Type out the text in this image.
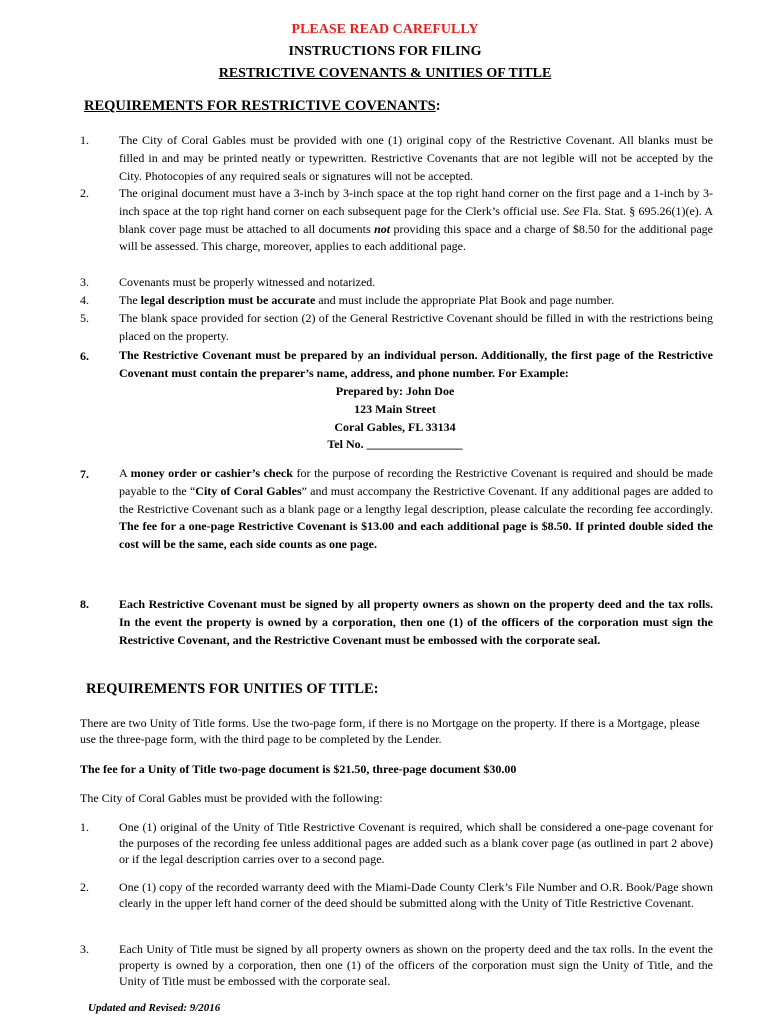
PLEASE READ CAREFULLY
INSTRUCTIONS FOR FILING
RESTRICTIVE COVENANTS & UNITIES OF TITLE
REQUIREMENTS FOR RESTRICTIVE COVENANTS:
1.	The City of Coral Gables must be provided with one (1) original copy of the Restrictive Covenant. All blanks must be filled in and may be printed neatly or typewritten. Restrictive Covenants that are not legible will not be accepted by the City. Photocopies of any required seals or signatures will not be accepted.
2.	The original document must have a 3-inch by 3-inch space at the top right hand corner on the first page and a 1-inch by 3-inch space at the top right hand corner on each subsequent page for the Clerk’s official use. See Fla. Stat. § 695.26(1)(e). A blank cover page must be attached to all documents not providing this space and a charge of $8.50 for the additional page will be assessed. This charge, moreover, applies to each additional page.
3.	Covenants must be properly witnessed and notarized.
4.	The legal description must be accurate and must include the appropriate Plat Book and page number.
5.	The blank space provided for section (2) of the General Restrictive Covenant should be filled in with the restrictions being placed on the property.
6.	The Restrictive Covenant must be prepared by an individual person. Additionally, the first page of the Restrictive Covenant must contain the preparer’s name, address, and phone number. For Example:
Prepared by: John Doe
123 Main Street
Coral Gables, FL 33134
Tel No. ________________
7.	A money order or cashier’s check for the purpose of recording the Restrictive Covenant is required and should be made payable to the “City of Coral Gables” and must accompany the Restrictive Covenant. If any additional pages are added to the Restrictive Covenant such as a blank page or a lengthy legal description, please calculate the recording fee accordingly. The fee for a one-page Restrictive Covenant is $13.00 and each additional page is $8.50. If printed double sided the cost will be the same, each side counts as one page.
8.	Each Restrictive Covenant must be signed by all property owners as shown on the property deed and the tax rolls. In the event the property is owned by a corporation, then one (1) of the officers of the corporation must sign the Restrictive Covenant, and the Restrictive Covenant must be embossed with the corporate seal.
REQUIREMENTS FOR UNITIES OF TITLE:
There are two Unity of Title forms. Use the two-page form, if there is no Mortgage on the property. If there is a Mortgage, please use the three-page form, with the third page to be completed by the Lender.
The fee for a Unity of Title two-page document is $21.50, three-page document $30.00
The City of Coral Gables must be provided with the following:
1.	One (1) original of the Unity of Title Restrictive Covenant is required, which shall be considered a one-page covenant for the purposes of the recording fee unless additional pages are added such as a blank cover page (as outlined in part 2 above) or if the legal description carries over to a second page.
2.	One (1) copy of the recorded warranty deed with the Miami-Dade County Clerk’s File Number and O.R. Book/Page shown clearly in the upper left hand corner of the deed should be submitted along with the Unity of Title Restrictive Covenant.
3.	Each Unity of Title must be signed by all property owners as shown on the property deed and the tax rolls. In the event the property is owned by a corporation, then one (1) of the officers of the corporation must sign the Unity of Title, and the Unity of Title must be embossed with the corporate seal.
Updated and Revised: 9/2016
